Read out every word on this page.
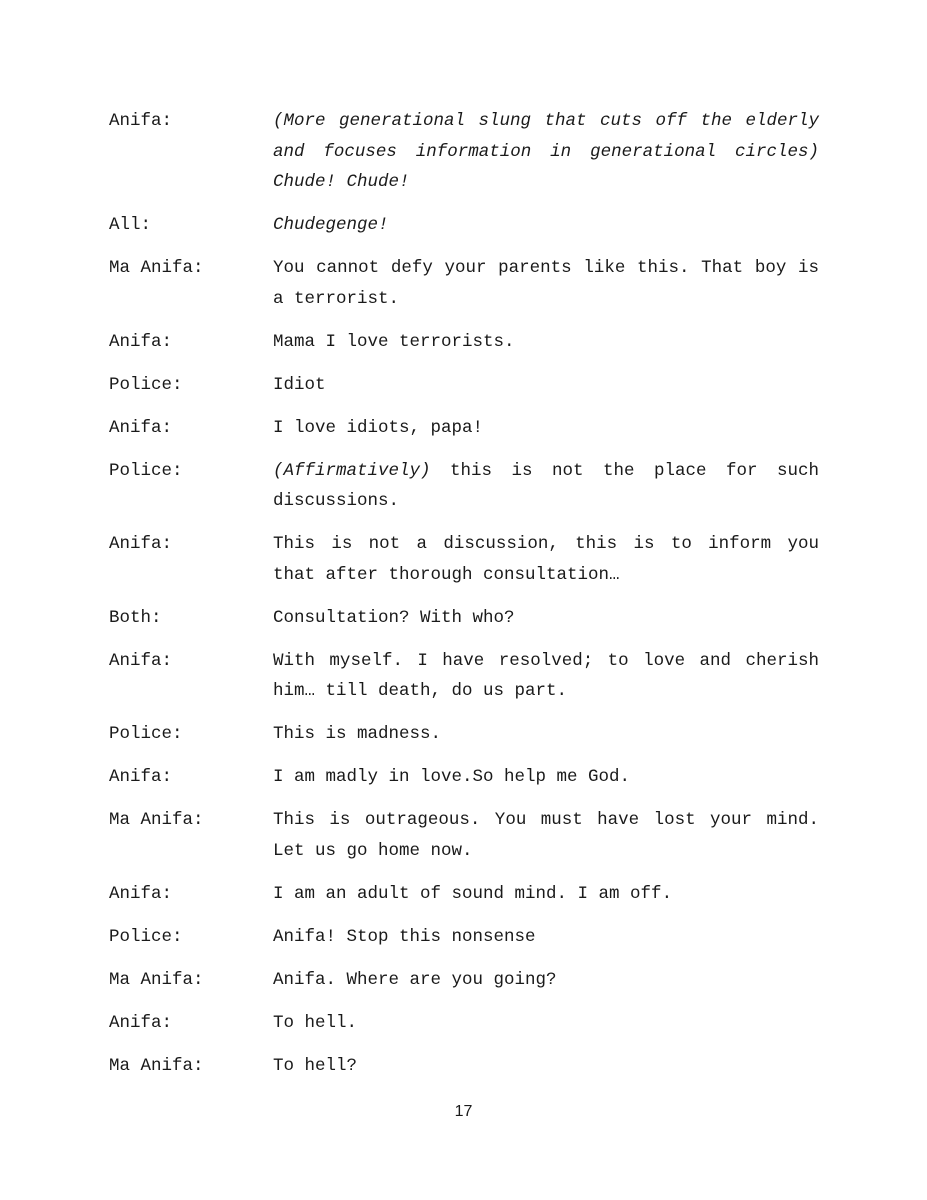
Anifa:	(More generational slung that cuts off the elderly and focuses information in generational circles) Chude! Chude!
All:	Chudegenge!
Ma Anifa:	You cannot defy your parents like this. That boy is a terrorist.
Anifa:	Mama I love terrorists.
Police:	Idiot
Anifa:	I love idiots, papa!
Police:	(Affirmatively) this is not the place for such discussions.
Anifa:	This is not a discussion, this is to inform you that after thorough consultation…
Both:	Consultation? With who?
Anifa:	With myself. I have resolved; to love and cherish him… till death, do us part.
Police:	This is madness.
Anifa:	I am madly in love.So help me God.
Ma Anifa:	This is outrageous. You must have lost your mind. Let us go home now.
Anifa:	I am an adult of sound mind. I am off.
Police:	Anifa! Stop this nonsense
Ma Anifa:	Anifa. Where are you going?
Anifa:	To hell.
Ma Anifa:	To hell?
17
